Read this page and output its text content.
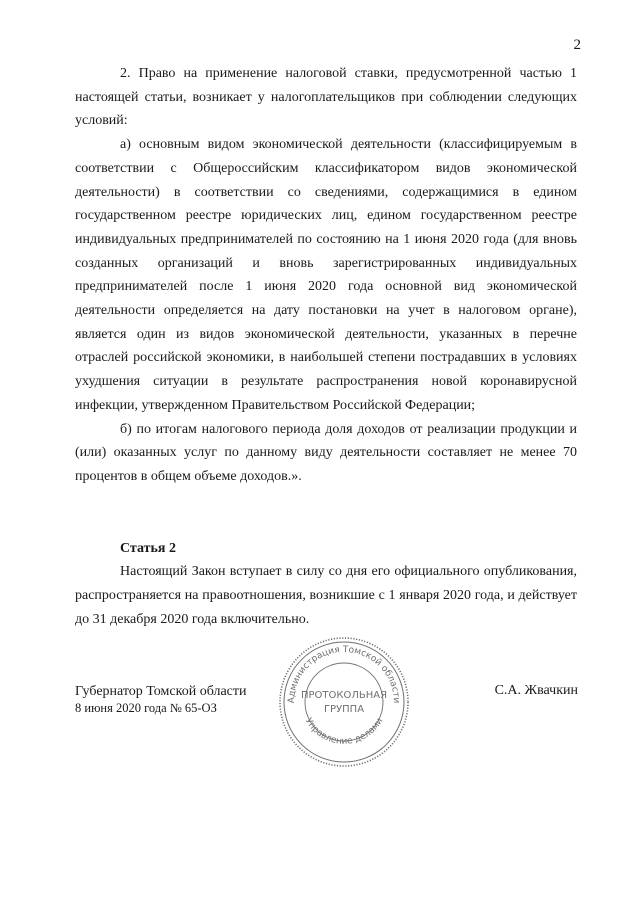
2

2. Право на применение налоговой ставки, предусмотренной частью 1 настоящей статьи, возникает у налогоплательщиков при соблюдении следующих условий:

а) основным видом экономической деятельности (классифицируемым в соответствии с Общероссийским классификатором видов экономической деятельности) в соответствии со сведениями, содержащимися в едином государственном реестре юридических лиц, едином государственном реестре индивидуальных предпринимателей по состоянию на 1 июня 2020 года (для вновь созданных организаций и вновь зарегистрированных индивидуальных предпринимателей после 1 июня 2020 года основной вид экономической деятельности определяется на дату постановки на учет в налоговом органе), является один из видов экономической деятельности, указанных в перечне отраслей российской экономики, в наибольшей степени пострадавших в условиях ухудшения ситуации в результате распространения новой коронавирусной инфекции, утвержденном Правительством Российской Федерации;

б) по итогам налогового периода доля доходов от реализации продукции и (или) оказанных услуг по данному виду деятельности составляет не менее 70 процентов в общем объеме доходов.».

Статья 2

Настоящий Закон вступает в силу со дня его официального опубликования, распространяется на правоотношения, возникшие с 1 января 2020 года, и действует до 31 декабря 2020 года включительно.

Губернатор Томской области
8 июня 2020 года № 65-ОЗ
С.А. Жвачкин
Администрация Томской области
Управление делами
ПРОТОКОЛЬНАЯ
ГРУППА
